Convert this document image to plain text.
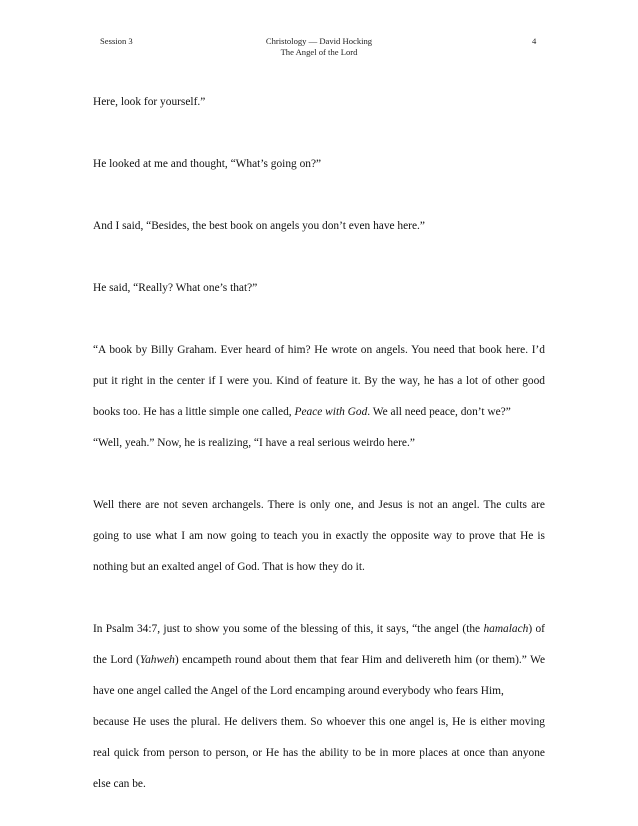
Session 3	Christology — David Hocking
The Angel of the Lord
4
Here, look for yourself.”
He looked at me and thought, “What’s going on?”
And I said, “Besides, the best book on angels you don’t even have here.”
He said, “Really? What one’s that?”
“A book by Billy Graham. Ever heard of him? He wrote on angels. You need that book here. I’d
put it right in the center if I were you. Kind of feature it. By the way, he has a lot of other good
books too. He has a little simple one called, Peace with God. We all need peace, don’t we?”
“Well, yeah.” Now, he is realizing, “I have a real serious weirdo here.”
Well there are not seven archangels. There is only one, and Jesus is not an angel. The cults are
going to use what I am now going to teach you in exactly the opposite way to prove that He is
nothing but an exalted angel of God. That is how they do it.
In Psalm 34:7, just to show you some of the blessing of this, it says, “the angel (the hamalach) of
the Lord (Yahweh) encampeth round about them that fear Him and delivereth him (or them).” We
have one angel called the Angel of the Lord encamping around everybody who fears Him,
because He uses the plural. He delivers them. So whoever this one angel is, He is either moving
real quick from person to person, or He has the ability to be in more places at once than anyone
else can be.
